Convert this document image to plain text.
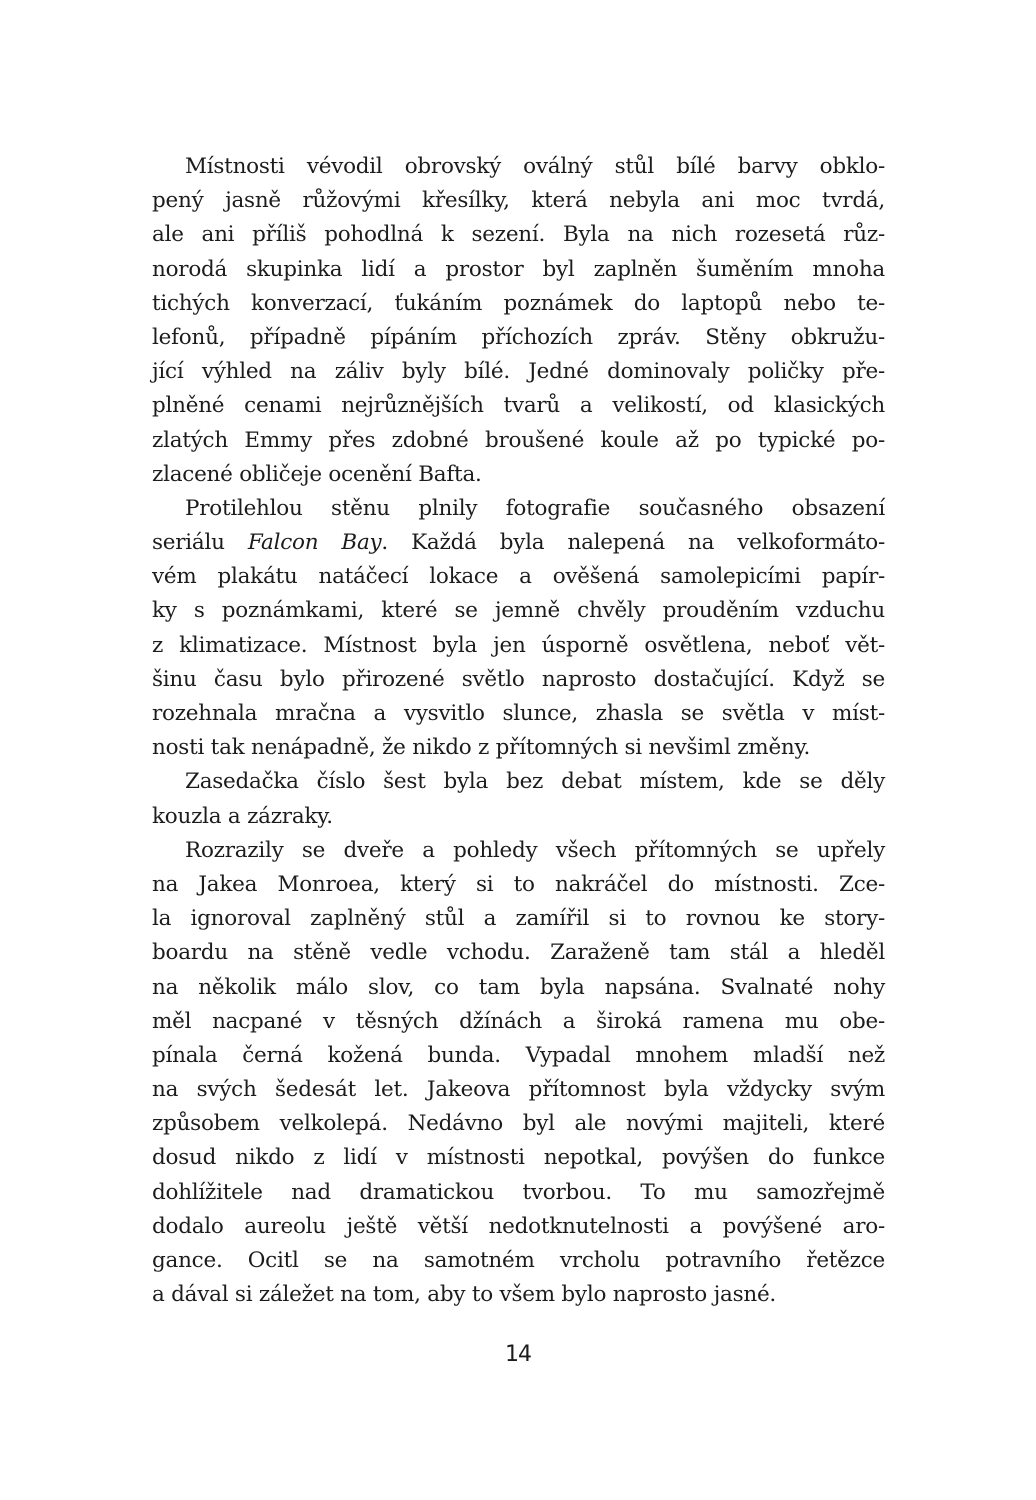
Místnosti vévodil obrovský oválný stůl bílé barvy obklo-
pený jasně růžovými křesílky, která nebyla ani moc tvrdá,
ale ani příliš pohodlná k sezení. Byla na nich rozesetá růz-
norodá skupinka lidí a prostor byl zaplněn šuměním mnoha
tichých konverzací, ťukáním poznámek do laptopů nebo te-
lefonů, případně pípáním příchozích zpráv. Stěny obkružu-
jící výhled na záliv byly bílé. Jedné dominovaly poličky pře-
plněné cenami nejrůznějších tvarů a velikostí, od klasických
zlatých Emmy přes zdobné broušené koule až po typické po-
zlacené obličeje ocenění Bafta.
Protilehlou stěnu plnily fotografie současného obsazení
seriálu Falcon Bay. Každá byla nalepená na velkoformáto-
vém plakátu natáčecí lokace a ověšená samolepicími papír-
ky s poznámkami, které se jemně chvěly prouděním vzduchu
z klimatizace. Místnost byla jen úsporně osvětlena, neboť vět-
šinu času bylo přirozené světlo naprosto dostačující. Když se
rozehnala mračna a vysvitlo slunce, zhasla se světla v míst-
nosti tak nenápadně, že nikdo z přítomných si nevšiml změny.
Zasedačka číslo šest byla bez debat místem, kde se děly
kouzla a zázraky.
Rozrazily se dveře a pohledy všech přítomných se upřely
na Jakea Monroea, který si to nakráčel do místnosti. Zce-
la ignoroval zaplněný stůl a zamířil si to rovnou ke story-
boardu na stěně vedle vchodu. Zaraženě tam stál a hleděl
na několik málo slov, co tam byla napsána. Svalnaté nohy
měl nacpané v těsných džínách a široká ramena mu obe-
pínala černá kožená bunda. Vypadal mnohem mladší než
na svých šedesát let. Jakeova přítomnost byla vždycky svým
způsobem velkolepá. Nedávno byl ale novými majiteli, které
dosud nikdo z lidí v místnosti nepotkal, povýšen do funkce
dohlížitele nad dramatickou tvorbou. To mu samozřejmě
dodalo aureolu ještě větší nedotknutelnosti a povýšené aro-
gance. Ocitl se na samotném vrcholu potravního řetězce
a dával si záležet na tom, aby to všem bylo naprosto jasné.
14
